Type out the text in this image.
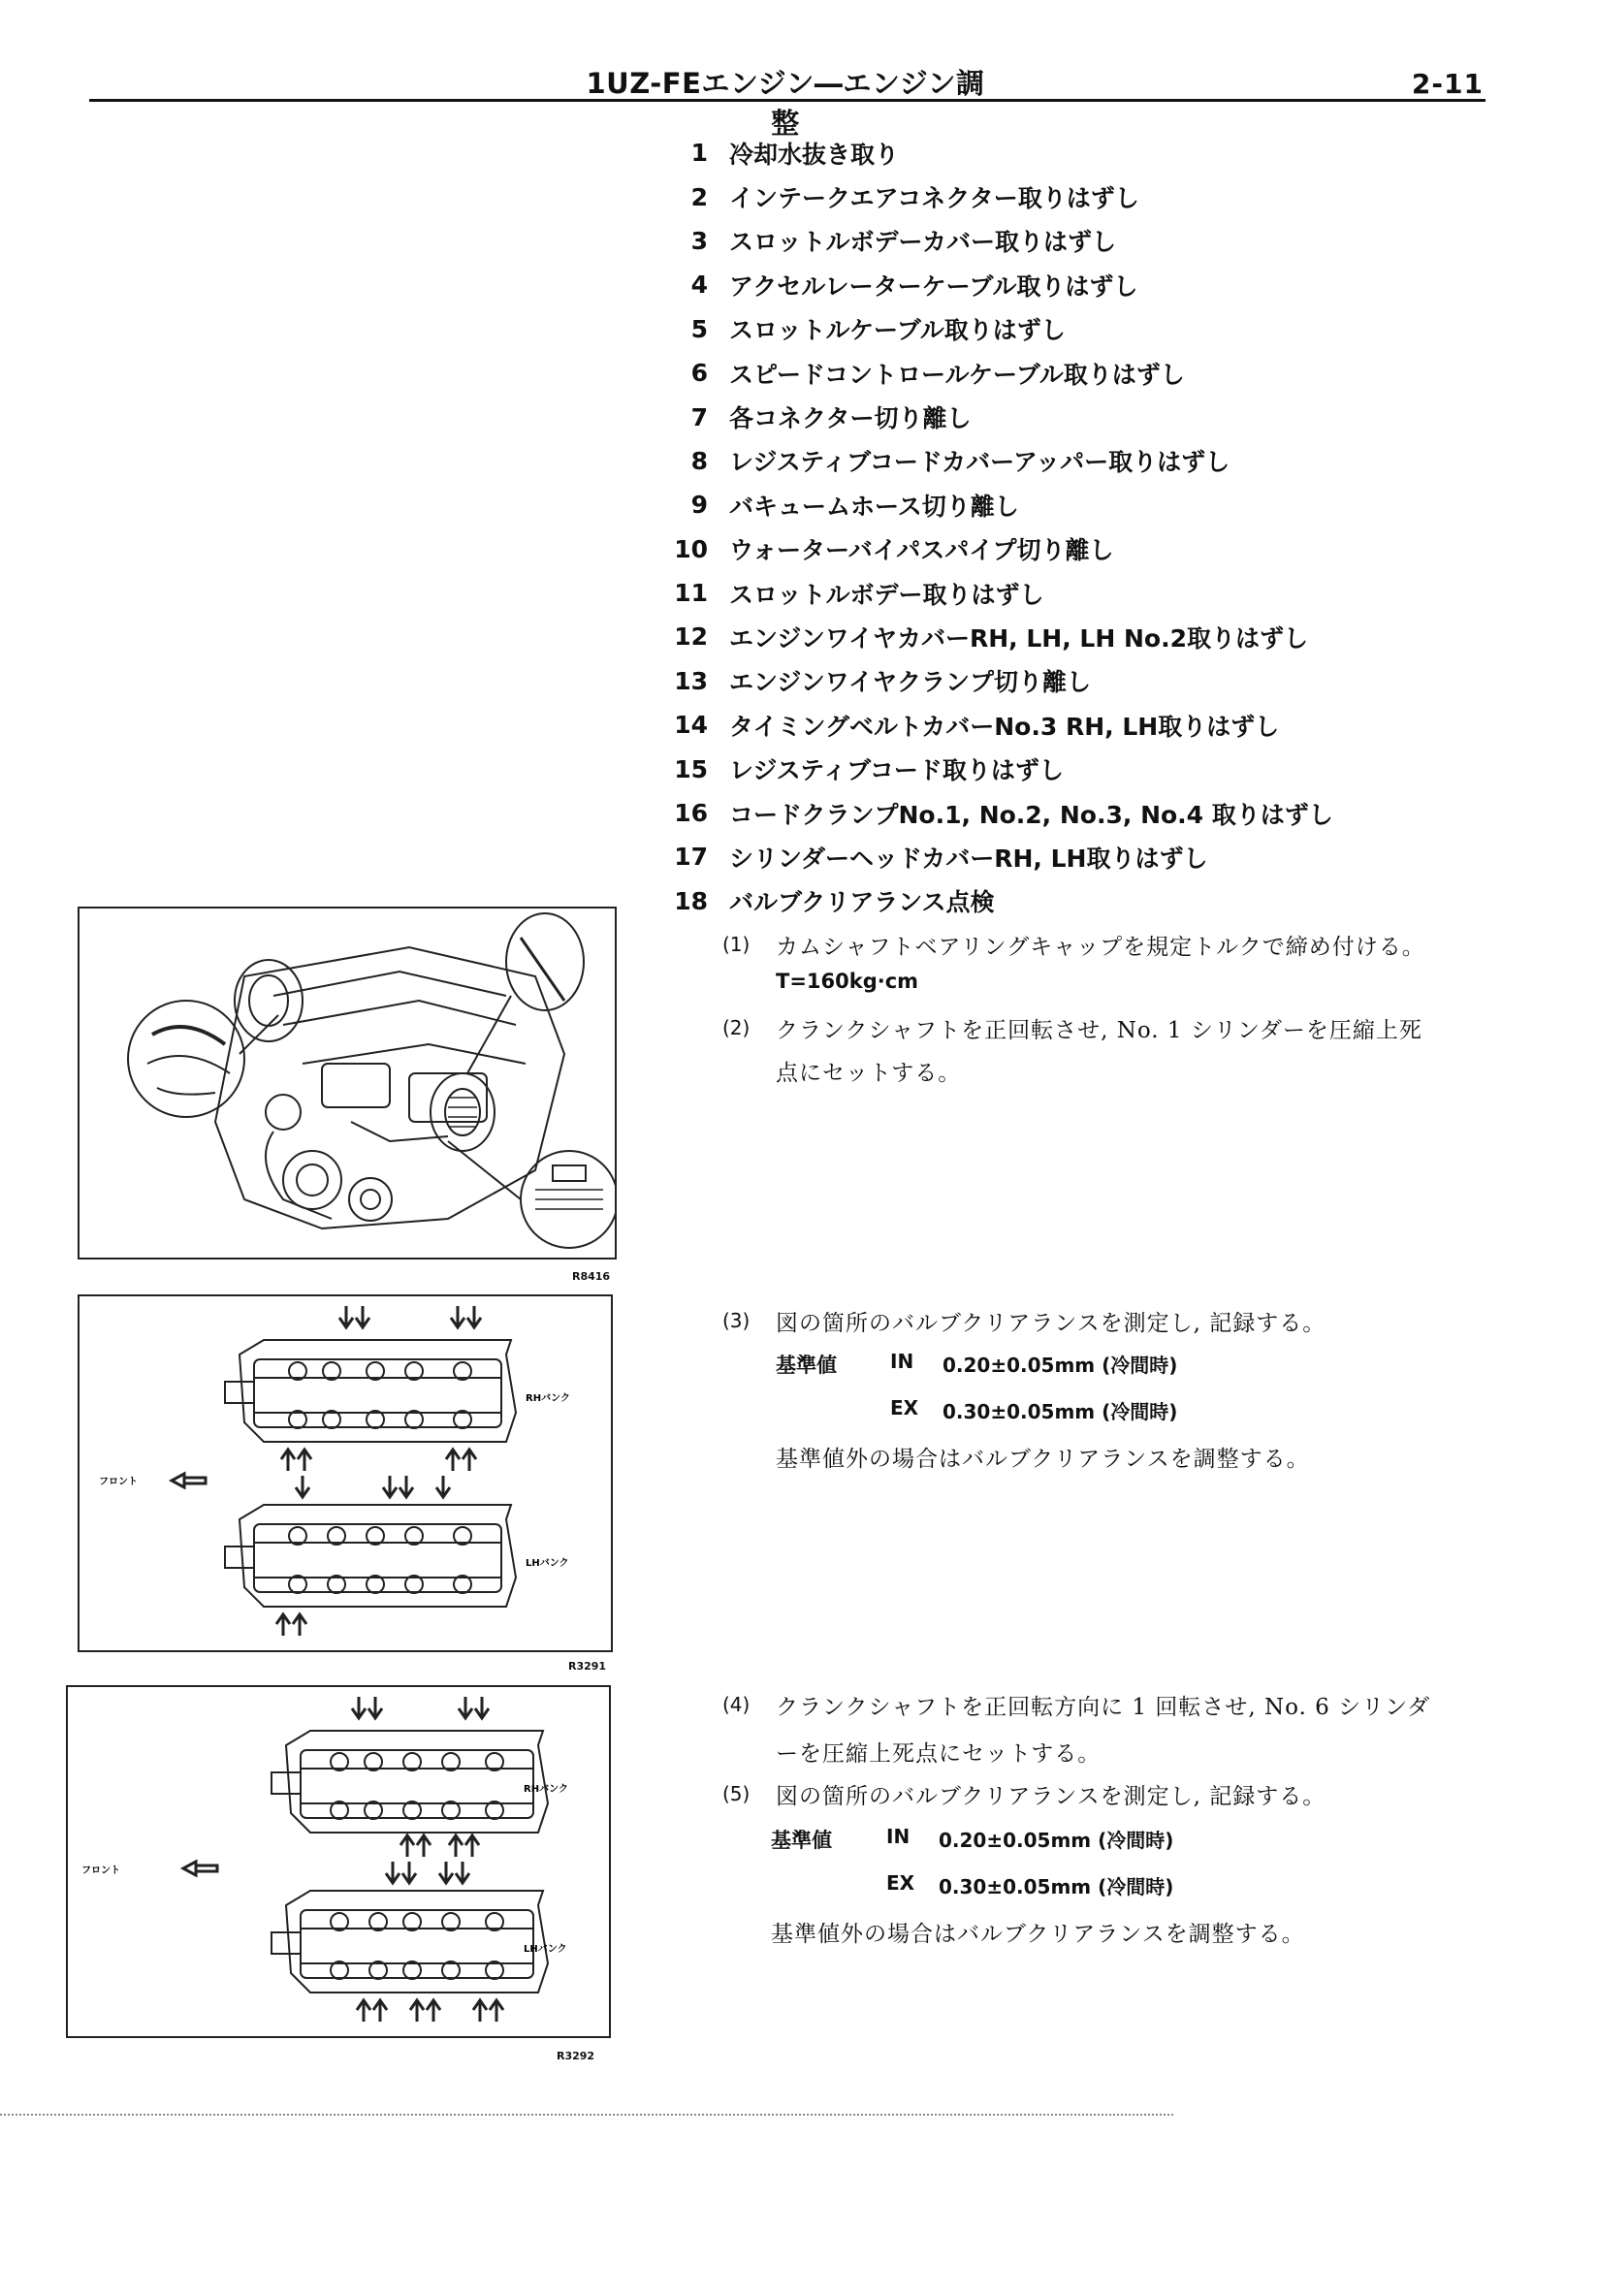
1UZ-FEエンジン―エンジン調整
2-11
1 冷却水抜き取り
2 インテークエアコネクター取りはずし
3 スロットルボデーカバー取りはずし
4 アクセルレーターケーブル取りはずし
5 スロットルケーブル取りはずし
6 スピードコントロールケーブル取りはずし
7 各コネクター切り離し
8 レジスティブコードカバーアッパー取りはずし
9 バキュームホース切り離し
10 ウォーターバイパスパイプ切り離し
11 スロットルボデー取りはずし
12 エンジンワイヤカバーRH, LH, LH No.2取りはずし
13 エンジンワイヤクランプ切り離し
14 タイミングベルトカバーNo.3 RH, LH取りはずし
15 レジスティブコード取りはずし
16 コードクランプNo.1, No.2, No.3, No.4 取りはずし
17 シリンダーヘッドカバーRH, LH取りはずし
18 バルブクリアランス点検
(1) カムシャフトベアリングキャップを規定トルクで締め付ける。
T=160kg·cm
(2) クランクシャフトを正回転させ, No. 1 シリンダーを圧縮上死
点にセットする。
(3) 図の箇所のバルブクリアランスを測定し, 記録する。
基準値	IN 0.20±0.05mm (冷間時)
EX 0.30±0.05mm (冷間時)
基準値外の場合はバルブクリアランスを調整する。
(4) クランクシャフトを正回転方向に 1 回転させ, No. 6 シリンダ
ーを圧縮上死点にセットする。
(5) 図の箇所のバルブクリアランスを測定し, 記録する。
基準値	IN 0.20±0.05mm (冷間時)
EX 0.30±0.05mm (冷間時)
基準値外の場合はバルブクリアランスを調整する。
R8416
フロント
RHバンク
LHバンク
R3291
フロント
RHバンク
LHバンク
R3292
